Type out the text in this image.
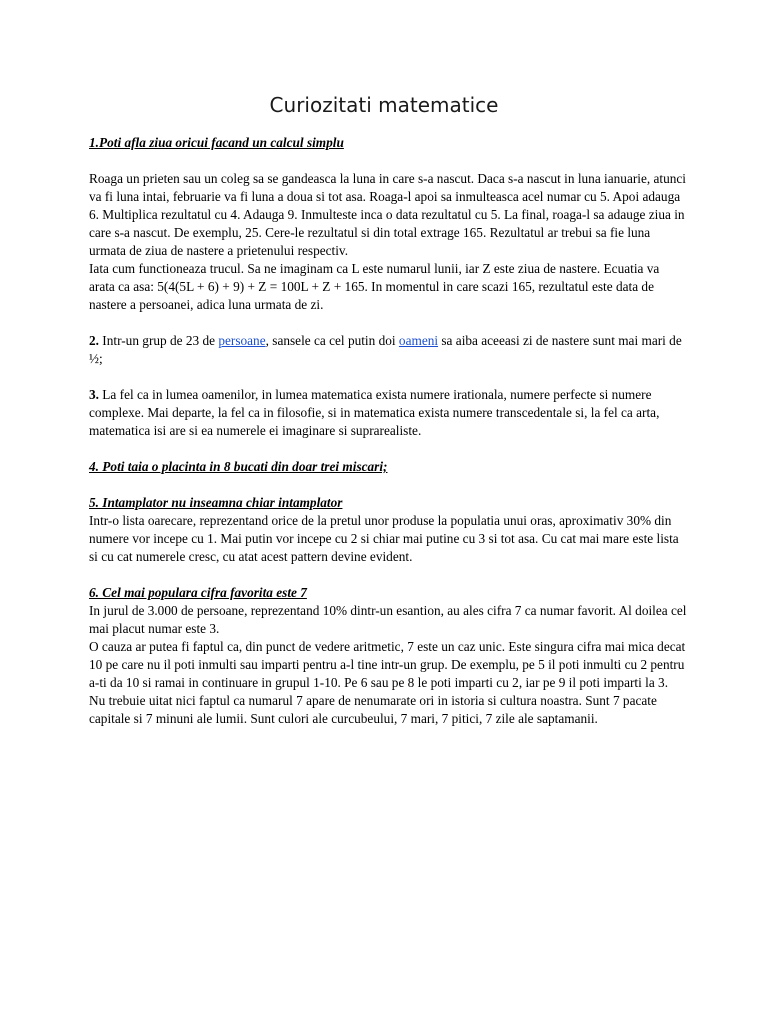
Curiozitati matematice

1.Poti afla ziua oricui facand un calcul simplu

Roaga un prieten sau un coleg sa se gandeasca la luna in care s-a nascut. Daca s-a nascut in luna ianuarie, atunci va fi luna intai, februarie va fi luna a doua si tot asa. Roaga-l apoi sa inmulteasca acel numar cu 5. Apoi adauga 6. Multiplica rezultatul cu 4. Adauga 9. Inmulteste inca o data rezultatul cu 5. La final, roaga-l sa adauge ziua in care s-a nascut. De exemplu, 25. Cere-le rezultatul si din total extrage 165. Rezultatul ar trebui sa fie luna urmata de ziua de nastere a prietenului respectiv.

Iata cum functioneaza trucul. Sa ne imaginam ca L este numarul lunii, iar Z este ziua de nastere. Ecuatia va arata ca asa: 5(4(5L + 6) + 9) + Z = 100L + Z + 165. In momentul in care scazi 165, rezultatul este data de nastere a persoanei, adica luna urmata de zi.

2. Intr-un grup de 23 de persoane, sansele ca cel putin doi oameni sa aiba aceeasi zi de nastere sunt mai mari de ½;

3. La fel ca in lumea oamenilor, in lumea matematica exista numere irationala, numere perfecte si numere complexe. Mai departe, la fel ca in filosofie, si in matematica exista numere transcedentale si, la fel ca arta, matematica isi are si ea numerele ei imaginare si suprarealiste.

4. Poti taia o placinta in 8 bucati din doar trei miscari;

5. Intamplator nu inseamna chiar intamplator

Intr-o lista oarecare, reprezentand orice de la pretul unor produse la populatia unui oras, aproximativ 30% din numere vor incepe cu 1. Mai putin vor incepe cu 2 si chiar mai putine cu 3 si tot asa. Cu cat mai mare este lista si cu cat numerele cresc, cu atat acest pattern devine evident.

6. Cel mai populara cifra favorita este 7

In jurul de 3.000 de persoane, reprezentand 10% dintr-un esantion, au ales cifra 7 ca numar favorit. Al doilea cel mai placut numar este 3.

O cauza ar putea fi faptul ca, din punct de vedere aritmetic, 7 este un caz unic. Este singura cifra mai mica decat 10 pe care nu il poti inmulti sau imparti pentru a-l tine intr-un grup. De exemplu, pe 5 il poti inmulti cu 2 pentru a-ti da 10 si ramai in continuare in grupul 1-10. Pe 6 sau pe 8 le poti imparti cu 2, iar pe 9 il poti imparti la 3.

Nu trebuie uitat nici faptul ca numarul 7 apare de nenumarate ori in istoria si cultura noastra. Sunt 7 pacate capitale si 7 minuni ale lumii. Sunt culori ale curcubeului, 7 mari, 7 pitici, 7 zile ale saptamanii.
